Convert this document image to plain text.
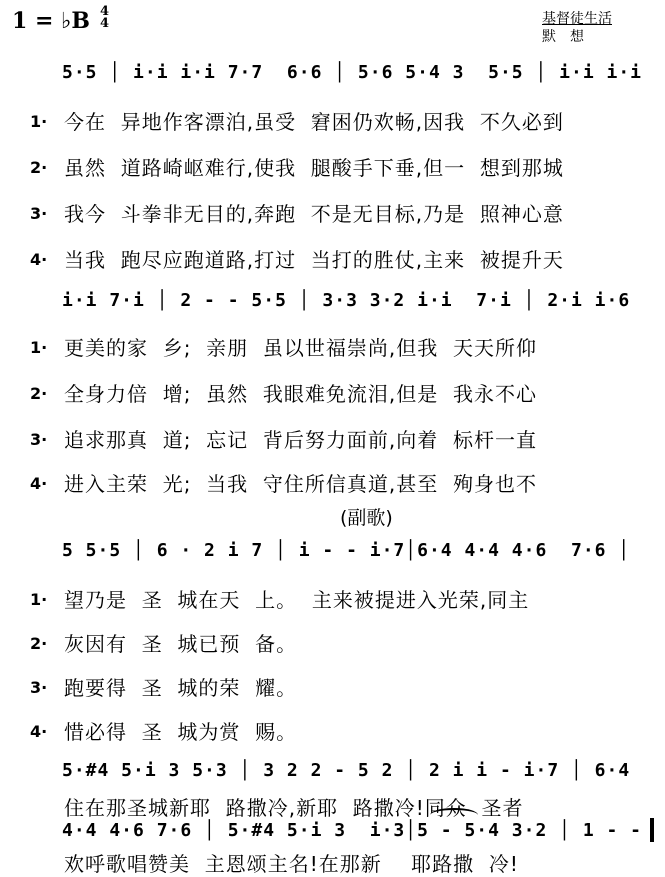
1 = ♭B 4
4	基督徒生活
默想
5·5 │ i·i i·i 7·7  6·6 │ 5·6 5·4 3  5·5 │ i·i i·i
1· 今在  异地作客漂泊,虽受  窘困仍欢畅,因我  不久必到
2· 虽然  道路崎岖难行,使我  腿酸手下垂,但一  想到那城
3· 我今  斗拳非无目的,奔跑  不是无目标,乃是  照神心意
4· 当我  跑尽应跑道路,打过  当打的胜仗,主来  被提升天
i·i 7·i │ 2 - - 5·5 │ 3·3 3·2 i·i  7·i │ 2·i i·6
1· 更美的家  乡;  亲朋  虽以世福崇尚,但我  天天所仰
2· 全身力倍  增;  虽然  我眼难免流泪,但是  我永不心
3· 追求那真  道;  忘记  背后努力面前,向着  标杆一直
4· 进入主荣  光;  当我  守住所信真道,甚至  殉身也不
(副歌)
5 5·5 │ 6 · 2 i 7 │ i - - i·7│6·4 4·4 4·6  7·6 │
1· 望乃是  圣  城在天  上。  主来被提进入光荣,同主
2· 灰因有  圣  城已预  备。
3· 跑要得  圣  城的荣  耀。
4· 惜必得  圣  城为赏  赐。
5·#4 5·i 3 5·3 │ 3 2 2 - 5 2 │ 2 i i - i·7 │ 6·4
住在那圣城新耶  路撒冷,新耶  路撒冷!同众  圣者
4·4 4·6 7·6 │ 5·#4 5·i 3  i·3│5 - 5·4 3·2 │ 1 - -
欢呼歌唱赞美  主恩颂主名!在那新    耶路撒  冷!
